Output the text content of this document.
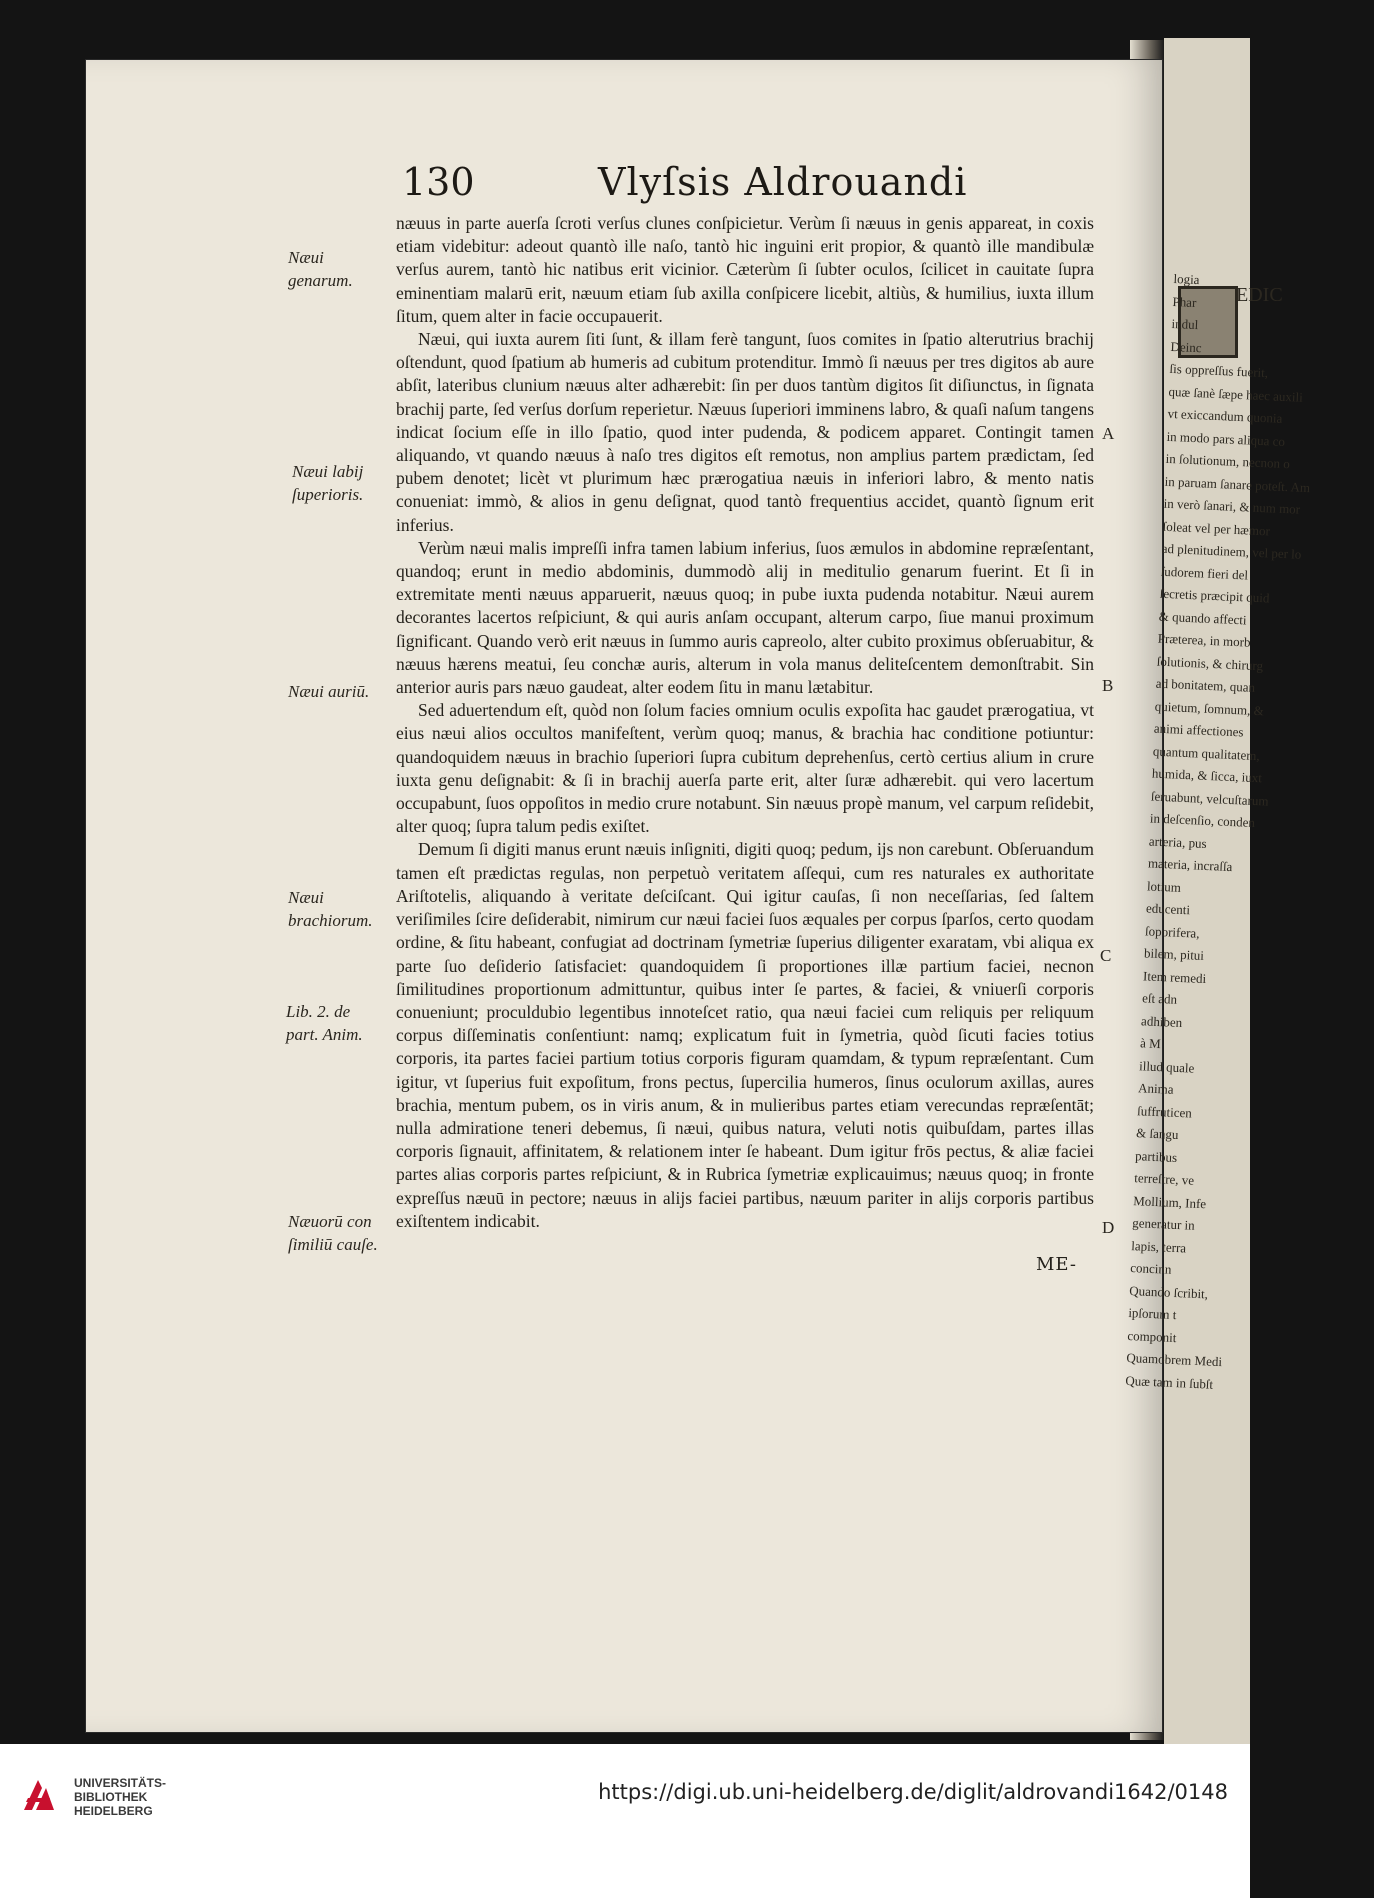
EDIC
logia
Phar
indul
Deinc
ſis oppreſſus fuerit,
quæ ſanè ſæpe haec auxili
vt exiccandum quonia
in modo pars aliqua co
in ſolutionum, necnon o
in paruam ſanare poteſt. Am
in verò ſanari, & num mor
ſoleat vel per hæmor
ad plenitudinem, vel per lo
ſudorem fieri del
ſecretis præcipit quid
& quando affecti
Præterea, in morb
ſolutionis, & chirurg
ad bonitatem, quan
quietum, ſomnum, &
animi affectiones
quantum qualitatem,
humida, & ſicca, iuxt
ſeruabunt, velcuſtarum
in deſcenſio, conden
arteria, pus
materia, incraſſa
lotium
educenti
ſoporifera,
bilem, pitui
Item remedi
eſt adn
adhiben
à M
illud quale
Anima
ſuffruticen
& ſangu
partibus
terreſtre, ve
Mollium, Infe
generatur in
lapis, terra
concinn
Quando ſcribit,
ipſorum t
componit
Quamobrem Medi
Quæ tam in ſubſt
130	Vlyſsis Aldrouandi

næuus in parte auerſa ſcroti verſus clunes conſpicietur. Verùm ſi næuus in genis appareat, in coxis etiam videbitur: adeout quantò ille naſo, tantò hic inguini erit propior, & quantò ille mandibulæ verſus aurem, tantò hic natibus erit vicinior. Cæterùm ſi ſubter oculos, ſcilicet in cauitate ſupra eminentiam malarū erit, næuum etiam ſub axilla conſpicere licebit, altiùs, & humilius, iuxta illum ſitum, quem alter in facie occupauerit.

Næui, qui iuxta aurem ſiti ſunt, & illam ferè tangunt, ſuos comites in ſpatio alterutrius brachij oſtendunt, quod ſpatium ab humeris ad cubitum protenditur. Immò ſi næuus per tres digitos ab aure abſit, lateribus clunium næuus alter adhærebit: ſin per duos tantùm digitos ſit diſiunctus, in ſignata brachij parte, ſed verſus dorſum reperietur. Næuus ſuperiori imminens labro, & quaſi naſum tangens indicat ſocium eſſe in illo ſpatio, quod inter pudenda, & podicem apparet. Contingit tamen aliquando, vt quando næuus à naſo tres digitos eſt remotus, non amplius partem prædictam, ſed pubem denotet; licèt vt plurimum hæc prærogatiua næuis in inferiori labro, & mento natis conueniat: immò, & alios in genu deſignat, quod tantò frequentius accidet, quantò ſignum erit inferius.

Verùm næui malis impreſſi infra tamen labium inferius, ſuos æmulos in abdomine repræſentant, quandoq; erunt in medio abdominis, dummodò alij in meditulio genarum fuerint. Et ſi in extremitate menti næuus apparuerit, næuus quoq; in pube iuxta pudenda notabitur. Næui aurem decorantes lacertos reſpiciunt, & qui auris anſam occupant, alterum carpo, ſiue manui proximum ſignificant. Quando verò erit næuus in ſummo auris capreolo, alter cubito proximus obſeruabitur, & næuus hærens meatui, ſeu conchæ auris, alterum in vola manus deliteſcentem demonſtrabit. Sin anterior auris pars næuo gaudeat, alter eodem ſitu in manu lætabitur.

Sed aduertendum eſt, quòd non ſolum facies omnium oculis expoſita hac gaudet prærogatiua, vt eius næui alios occultos manifeſtent, verùm quoq; manus, & brachia hac conditione potiuntur: quandoquidem næuus in brachio ſuperiori ſupra cubitum deprehenſus, certò certius alium in crure iuxta genu deſignabit: & ſi in brachij auerſa parte erit, alter ſuræ adhærebit. qui vero lacertum occupabunt, ſuos oppoſitos in medio crure notabunt. Sin næuus propè manum, vel carpum reſidebit, alter quoq; ſupra talum pedis exiſtet.

Demum ſi digiti manus erunt næuis inſigniti, digiti quoq; pedum, ijs non carebunt. Obſeruandum tamen eſt prædictas regulas, non perpetuò veritatem aſſequi, cum res naturales ex authoritate Ariſtotelis, aliquando à veritate deſciſcant. Qui igitur cauſas, ſi non neceſſarias, ſed ſaltem veriſimiles ſcire deſiderabit, nimirum cur næui faciei ſuos æquales per corpus ſparſos, certo quodam ordine, & ſitu habeant, confugiat ad doctrinam ſymetriæ ſuperius diligenter exaratam, vbi aliqua ex parte ſuo deſiderio ſatisfaciet: quandoquidem ſi proportiones illæ partium faciei, necnon ſimilitudines proportionum admittuntur, quibus inter ſe partes, & faciei, & vniuerſi corporis conueniunt; proculdubio legentibus innoteſcet ratio, qua næui faciei cum reliquis per reliquum corpus diſſeminatis conſentiunt: namq; explicatum fuit in ſymetria, quòd ſicuti facies totius corporis, ita partes faciei partium totius corporis figuram quamdam, & typum repræſentant. Cum igitur, vt ſuperius fuit expoſitum, frons pectus, ſupercilia humeros, ſinus oculorum axillas, aures brachia, mentum pubem, os in viris anum, & in mulieribus partes etiam verecundas repræſentāt; nulla admiratione teneri debemus, ſi næui, quibus natura, veluti notis quibuſdam, partes illas corporis ſignauit, affinitatem, & relationem inter ſe habeant. Dum igitur frōs pectus, & aliæ faciei partes alias corporis partes reſpiciunt, & in Rubrica ſymetriæ explicauimus; næuus quoq; in fronte expreſſus næuū in pectore; næuus in alijs faciei partibus, næuum pariter in alijs corporis partibus exiſtentem indicabit.

Næui genarum.
Næui labij ſuperioris.
Næui auriū.
Næui brachiorum.
Lib. 2. de part. Anim.
Næuorū con ſimiliū cauſe.
A
B
C
D
ME-

UNIVERSITÄTS-
BIBLIOTHEK
HEIDELBERG

https://digi.ub.uni-heidelberg.de/diglit/aldrovandi1642/0148
